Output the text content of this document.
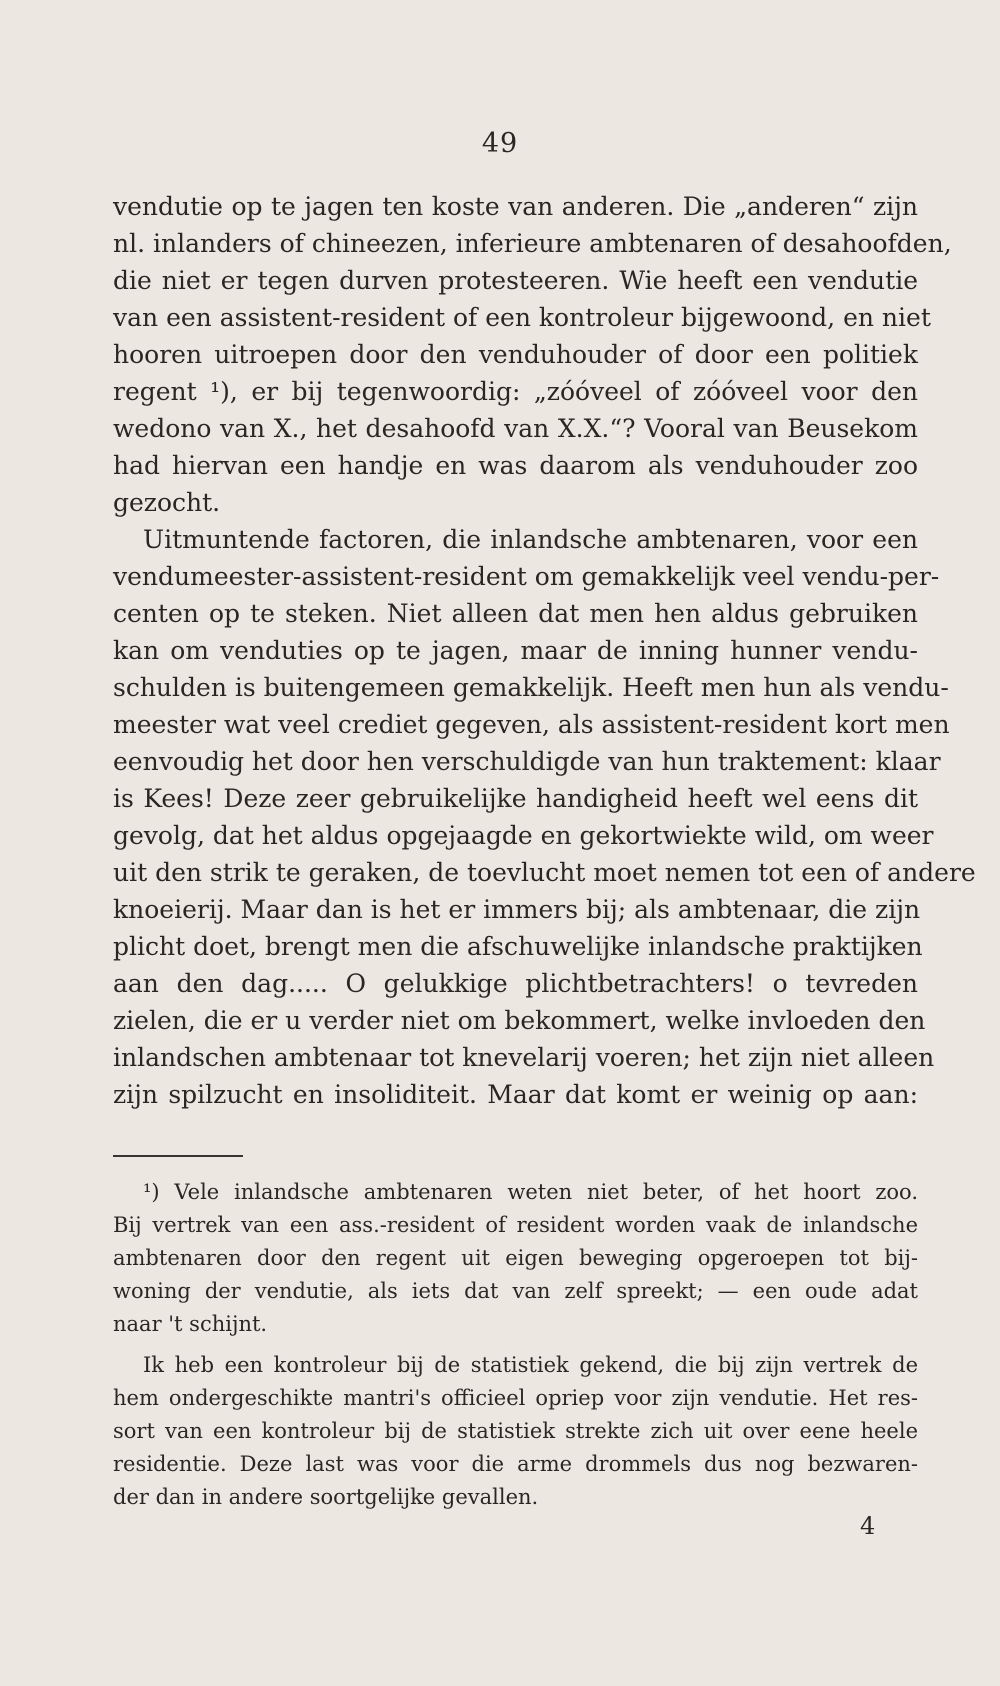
49
vendutie op te jagen ten koste van anderen. Die „anderen“ zijn
nl. inlanders of chineezen, inferieure ambtenaren of desahoofden,
die niet er tegen durven protesteeren. Wie heeft een vendutie
van een assistent-resident of een kontroleur bijgewoond, en niet
hooren uitroepen door den venduhouder of door een politiek
regent ¹), er bij tegenwoordig: „zóóveel of zóóveel voor den
wedono van X., het desahoofd van X.X.“? Vooral van Beusekom
had hiervan een handje en was daarom als venduhouder zoo
gezocht.
Uitmuntende factoren, die inlandsche ambtenaren, voor een
vendumeester-assistent-resident om gemakkelijk veel vendu-per-
centen op te steken. Niet alleen dat men hen aldus gebruiken
kan om venduties op te jagen, maar de inning hunner vendu-
schulden is buitengemeen gemakkelijk. Heeft men hun als vendu-
meester wat veel crediet gegeven, als assistent-resident kort men
eenvoudig het door hen verschuldigde van hun traktement: klaar
is Kees! Deze zeer gebruikelijke handigheid heeft wel eens dit
gevolg, dat het aldus opgejaagde en gekortwiekte wild, om weer
uit den strik te geraken, de toevlucht moet nemen tot een of andere
knoeierij. Maar dan is het er immers bij; als ambtenaar, die zijn
plicht doet, brengt men die afschuwelijke inlandsche praktijken
aan den dag..... O gelukkige plichtbetrachters! o tevreden
zielen, die er u verder niet om bekommert, welke invloeden den
inlandschen ambtenaar tot knevelarij voeren; het zijn niet alleen
zijn spilzucht en insoliditeit. Maar dat komt er weinig op aan:
¹) Vele inlandsche ambtenaren weten niet beter, of het hoort zoo.
Bij vertrek van een ass.-resident of resident worden vaak de inlandsche
ambtenaren door den regent uit eigen beweging opgeroepen tot bij-
woning der vendutie, als iets dat van zelf spreekt; — een oude adat
naar 't schijnt.
Ik heb een kontroleur bij de statistiek gekend, die bij zijn vertrek de
hem ondergeschikte mantri's officieel opriep voor zijn vendutie. Het res-
sort van een kontroleur bij de statistiek strekte zich uit over eene heele
residentie. Deze last was voor die arme drommels dus nog bezwaren-
der dan in andere soortgelijke gevallen.
4
